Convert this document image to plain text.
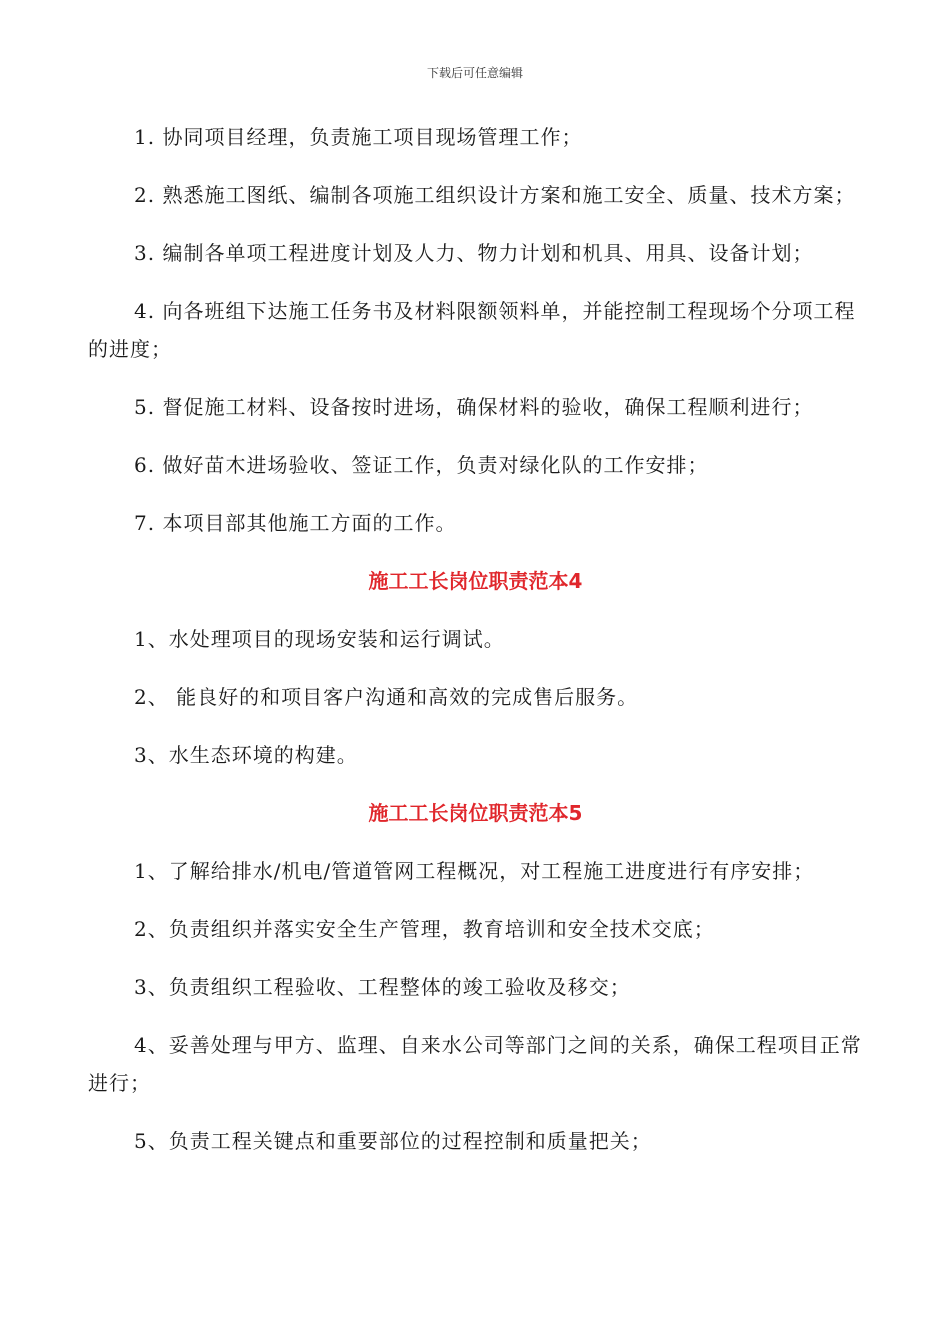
下载后可任意编辑

1. 协同项目经理，负责施工项目现场管理工作；

2. 熟悉施工图纸、编制各项施工组织设计方案和施工安全、质量、技术方案；

3. 编制各单项工程进度计划及人力、物力计划和机具、用具、设备计划；

4. 向各班组下达施工任务书及材料限额领料单，并能控制工程现场个分项工程的进度；

5. 督促施工材料、设备按时进场，确保材料的验收，确保工程顺利进行；

6. 做好苗木进场验收、签证工作，负责对绿化队的工作安排；

7. 本项目部其他施工方面的工作。

施工工长岗位职责范本4

1、水处理项目的现场安装和运行调试。

2、 能良好的和项目客户沟通和高效的完成售后服务。

3、水生态环境的构建。

施工工长岗位职责范本5

1、了解给排水/机电/管道管网工程概况，对工程施工进度进行有序安排；

2、负责组织并落实安全生产管理，教育培训和安全技术交底；

3、负责组织工程验收、工程整体的竣工验收及移交；

4、妥善处理与甲方、监理、自来水公司等部门之间的关系，确保工程项目正常进行；

5、负责工程关键点和重要部位的过程控制和质量把关；
